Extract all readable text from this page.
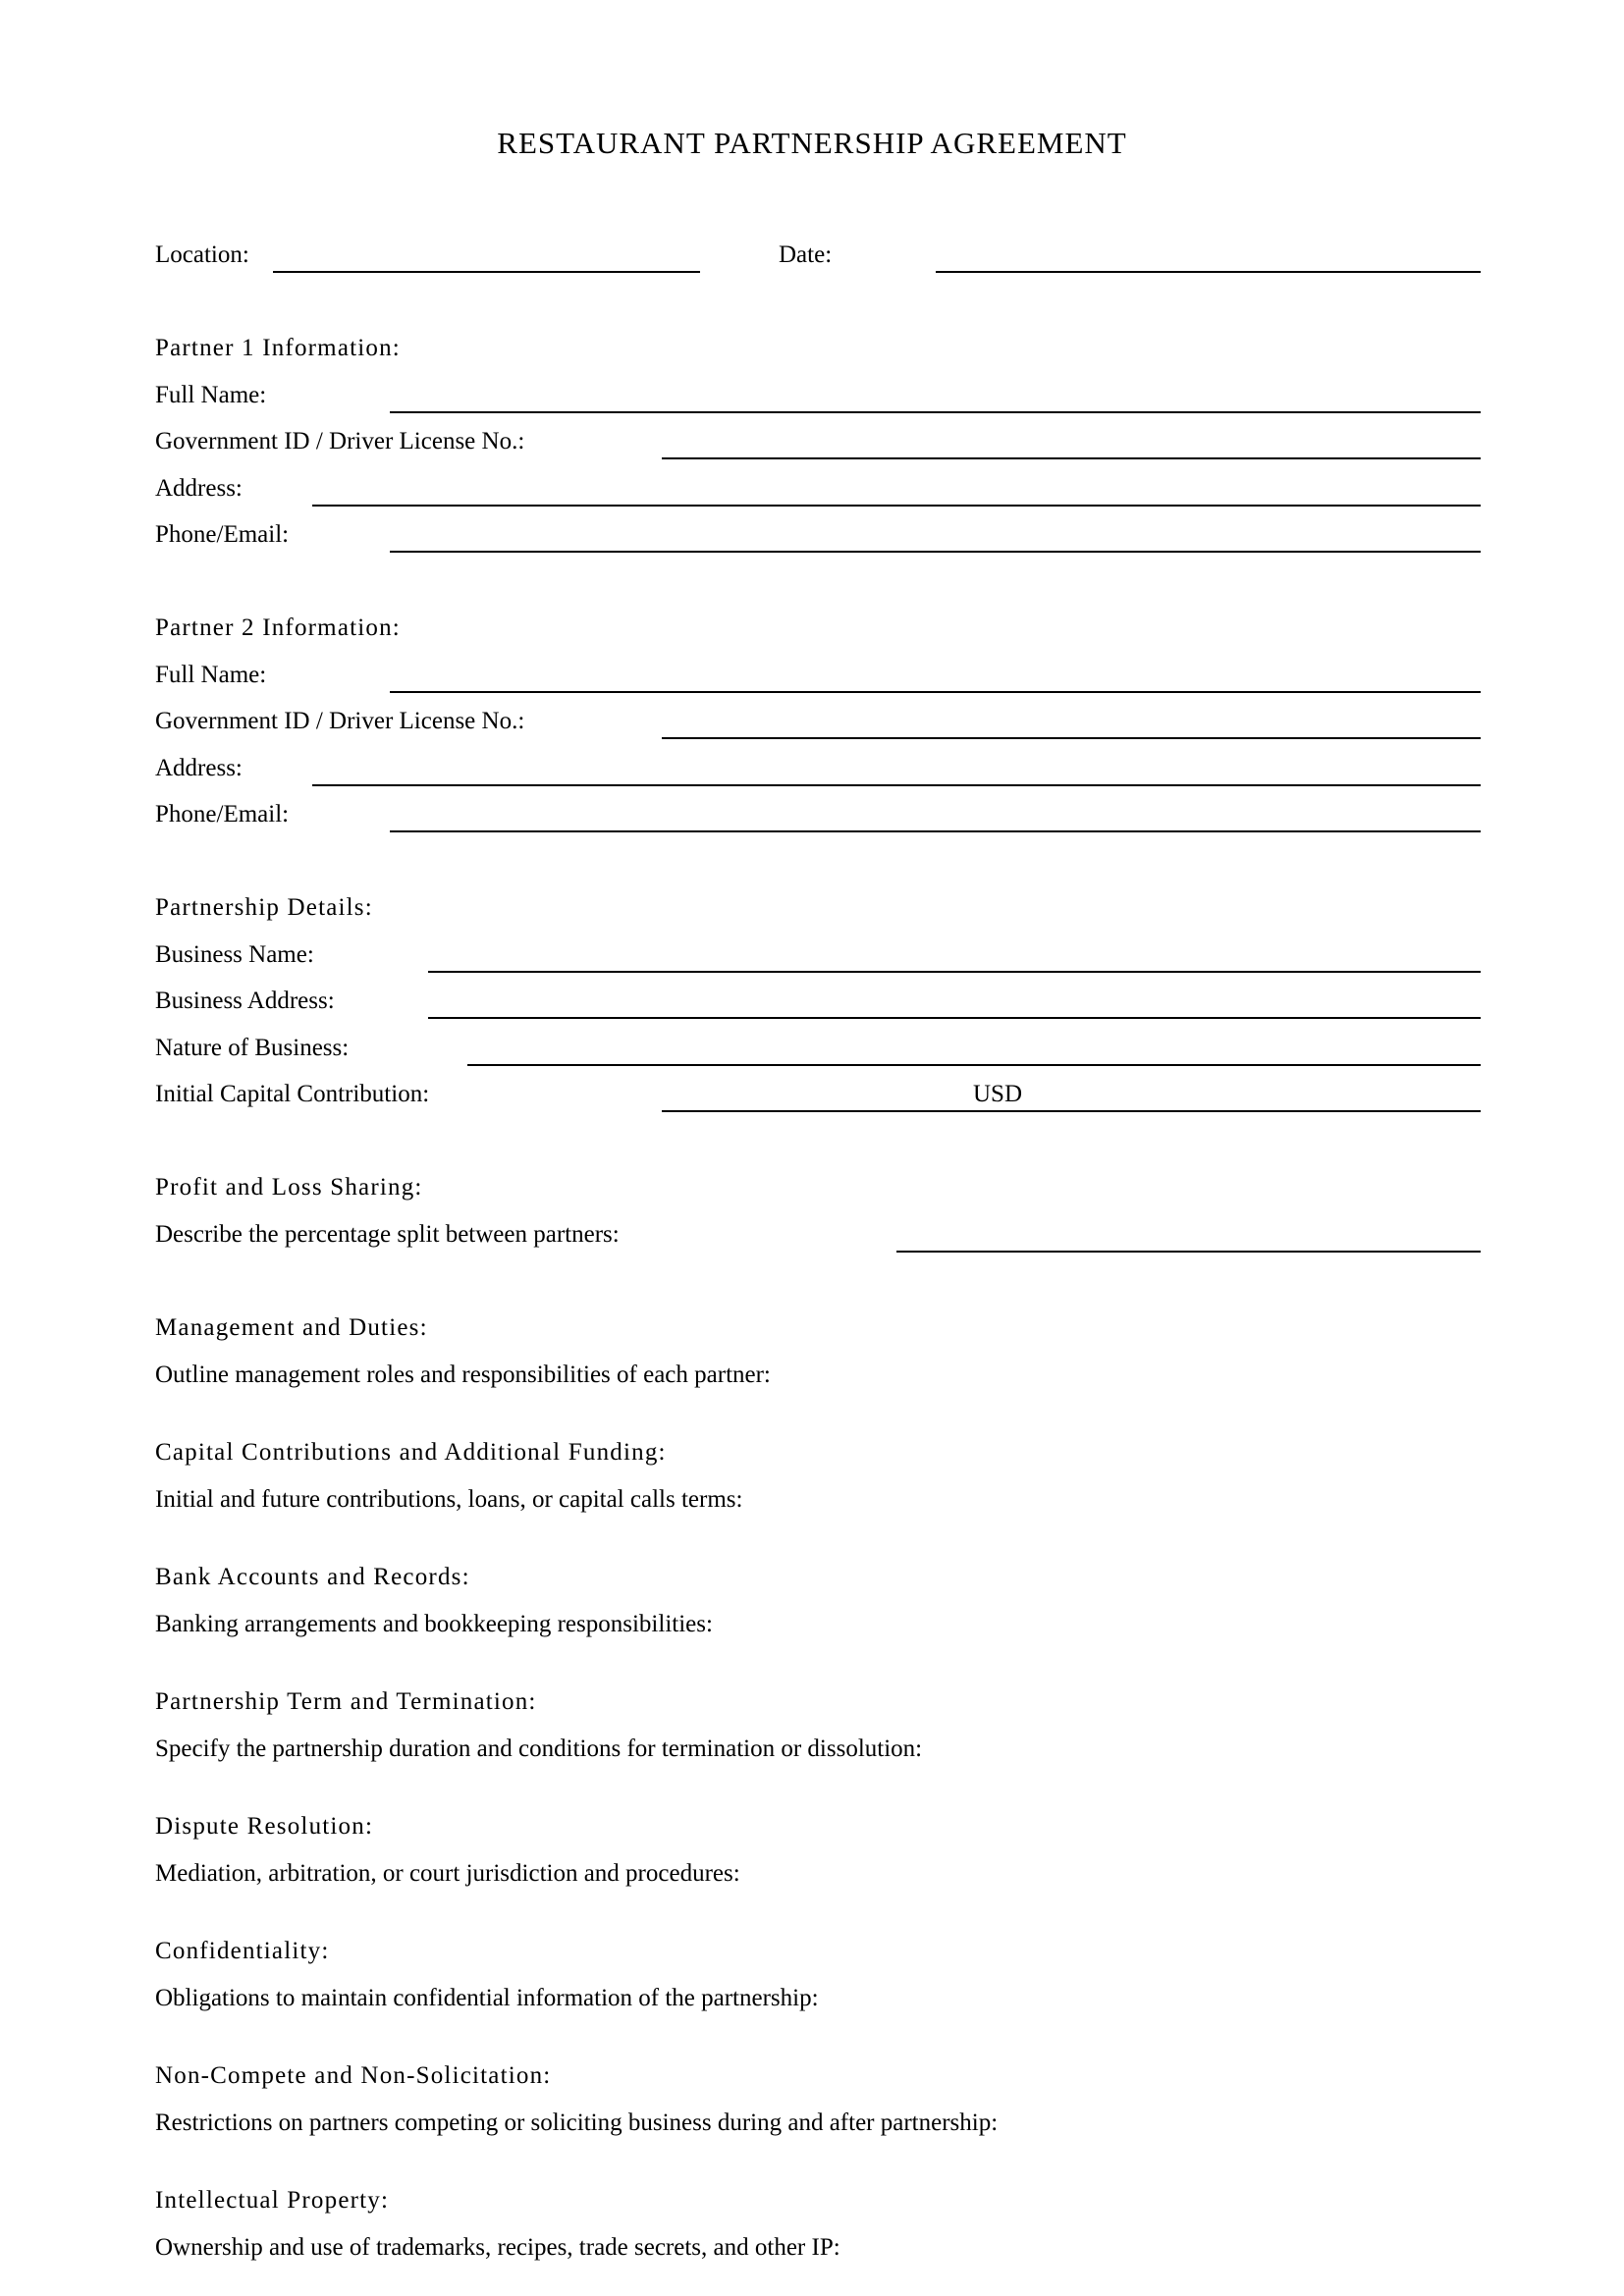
RESTAURANT PARTNERSHIP AGREEMENT
Location:	Date:
Partner 1 Information:
Full Name:
Government ID / Driver License No.:
Address:
Phone/Email:
Partner 2 Information:
Full Name:
Government ID / Driver License No.:
Address:
Phone/Email:
Partnership Details:
Business Name:
Business Address:
Nature of Business:
Initial Capital Contribution:	USD
Profit and Loss Sharing:
Describe the percentage split between partners:
Management and Duties:
Outline management roles and responsibilities of each partner:
Capital Contributions and Additional Funding:
Initial and future contributions, loans, or capital calls terms:
Bank Accounts and Records:
Banking arrangements and bookkeeping responsibilities:
Partnership Term and Termination:
Specify the partnership duration and conditions for termination or dissolution:
Dispute Resolution:
Mediation, arbitration, or court jurisdiction and procedures:
Confidentiality:
Obligations to maintain confidential information of the partnership:
Non-Compete and Non-Solicitation:
Restrictions on partners competing or soliciting business during and after partnership:
Intellectual Property:
Ownership and use of trademarks, recipes, trade secrets, and other IP:
